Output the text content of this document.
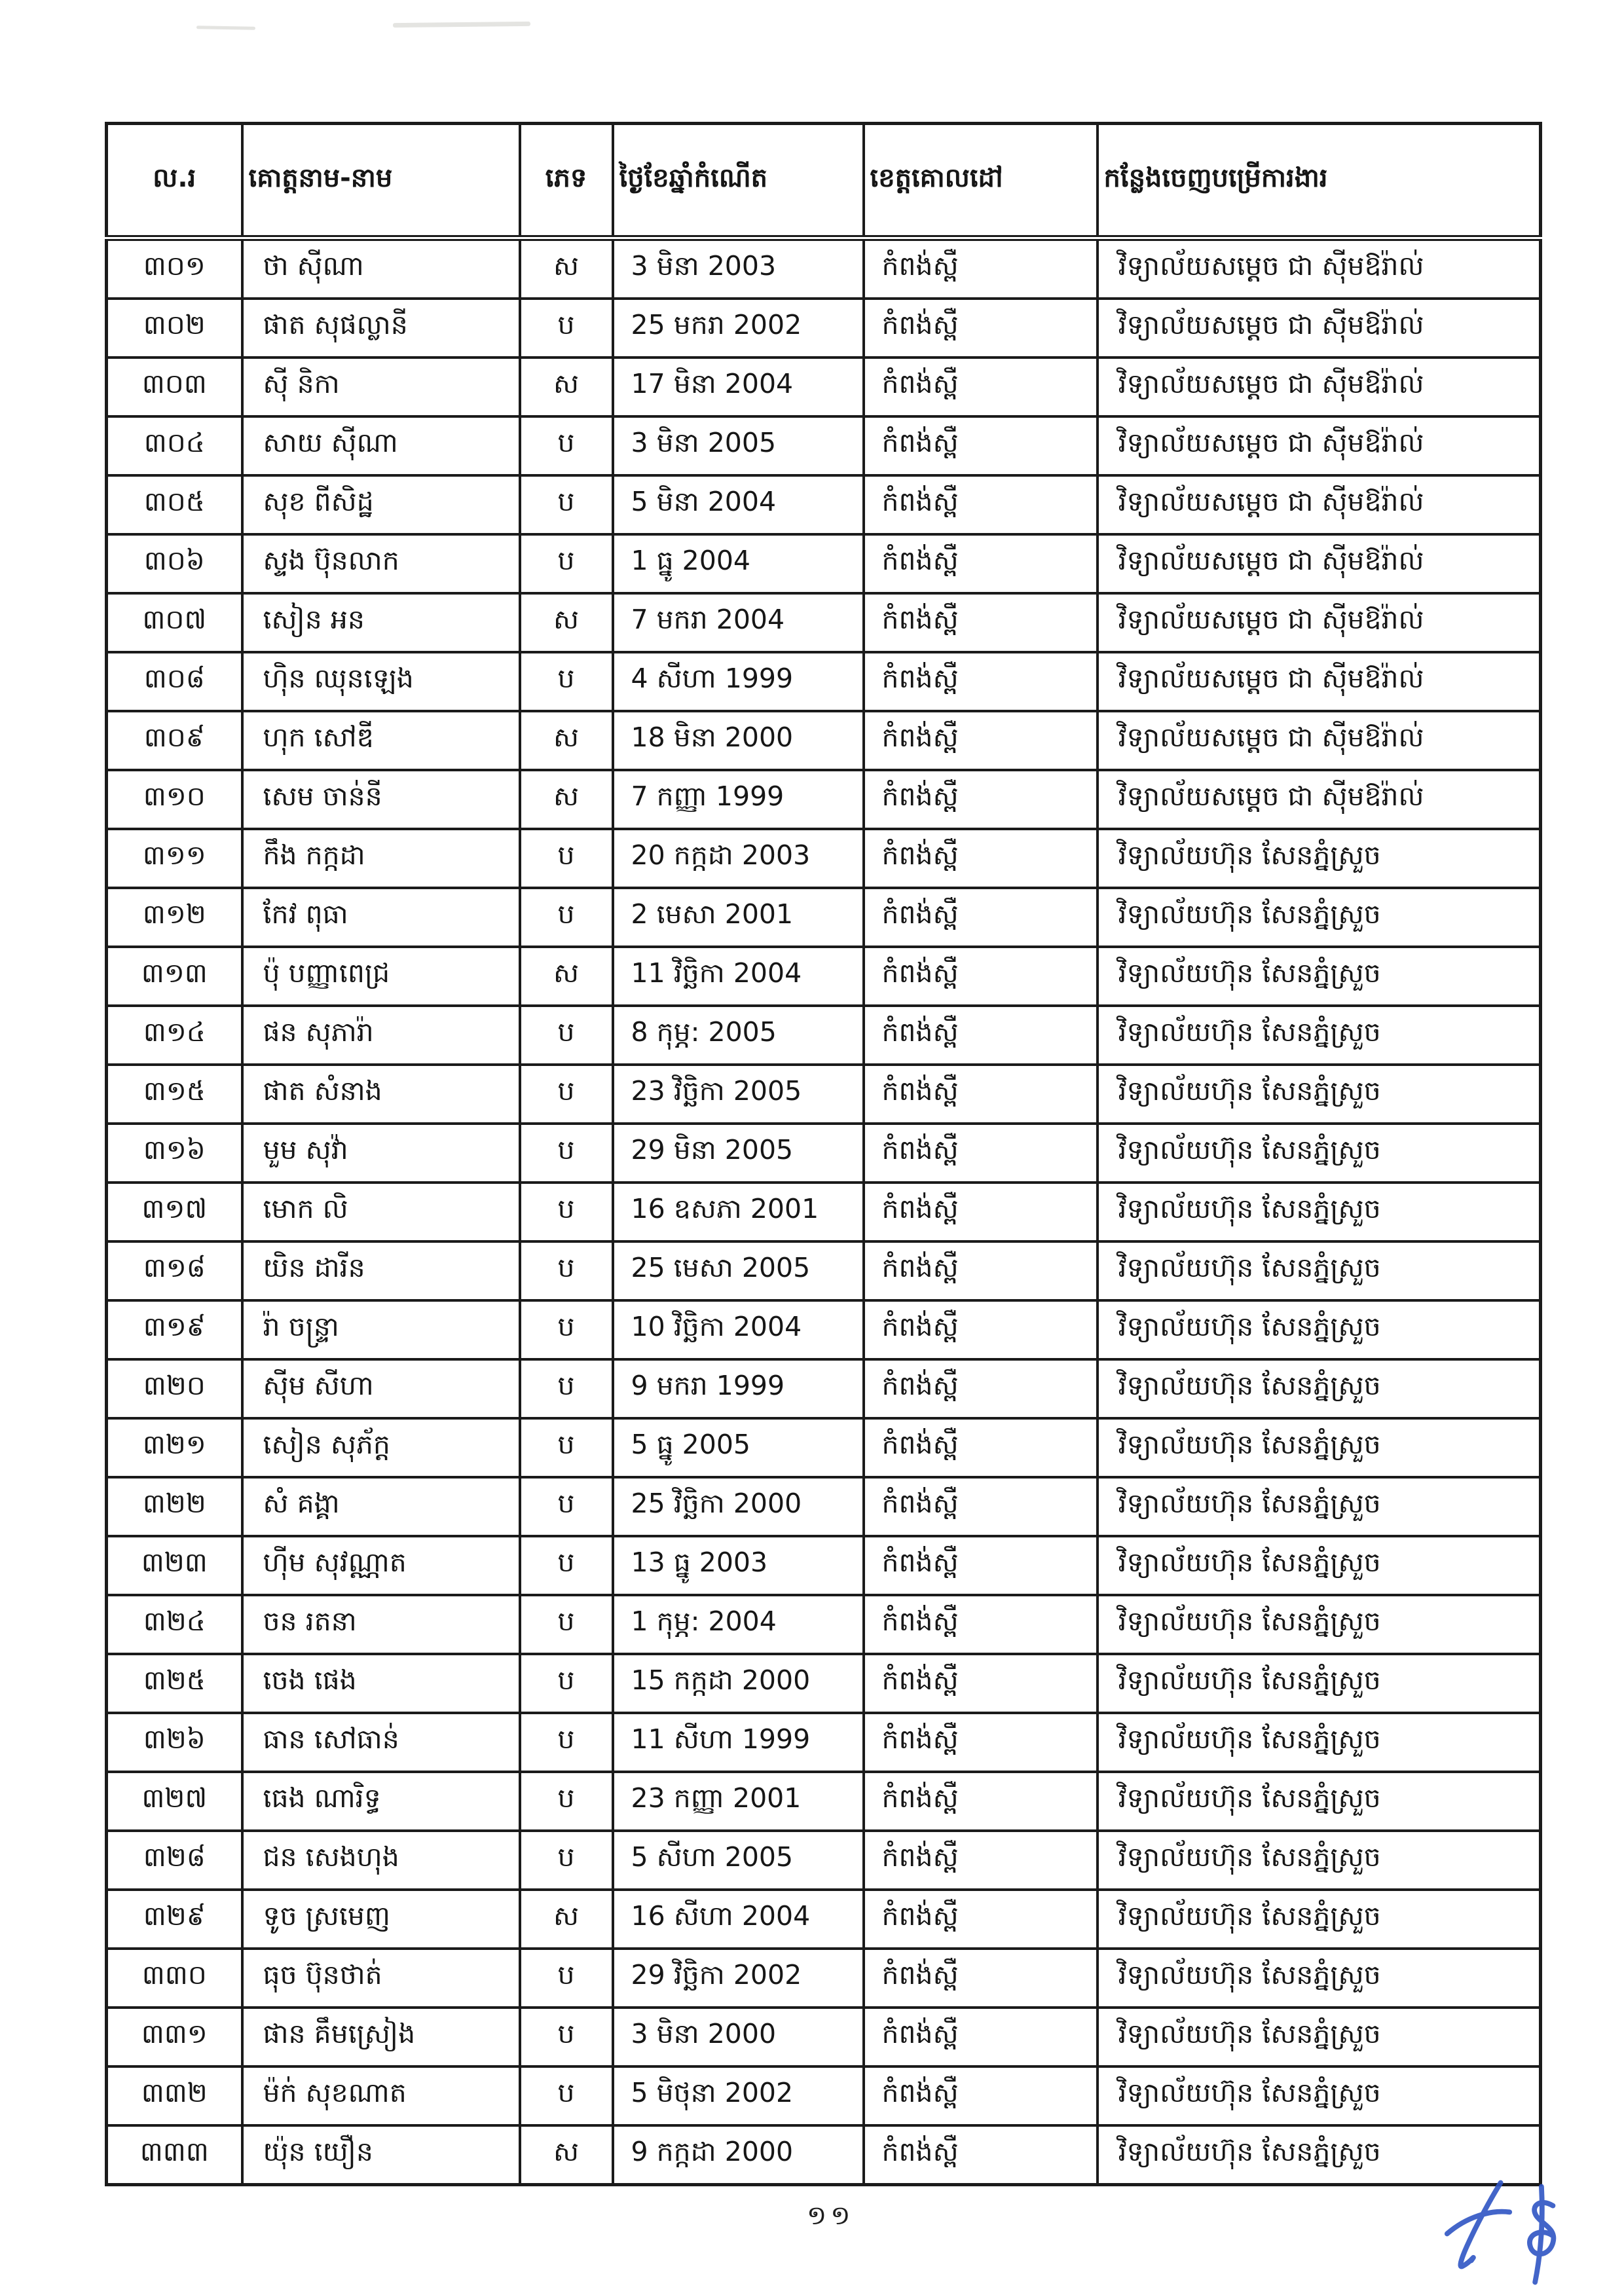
ល.រ	គោត្តនាម-នាម	ភេទ	ថ្ងៃខែឆ្នាំកំណើត	ខេត្តគោលដៅ	កន្លែងចេញបម្រើការងារ
៣០១	ថា ស៊ីណា	ស	3 មិនា 2003	កំពង់ស្ពឺ	វិទ្យាល័យសម្តេច ជា ស៊ីមឱរ៉ាល់
៣០២	ផាត សុផល្លានី	ប	25 មករា 2002	កំពង់ស្ពឺ	វិទ្យាល័យសម្តេច ជា ស៊ីមឱរ៉ាល់
៣០៣	ស៊ី និកា	ស	17 មិនា 2004	កំពង់ស្ពឺ	វិទ្យាល័យសម្តេច ជា ស៊ីមឱរ៉ាល់
៣០៤	សាយ ស៊ីណា	ប	3 មិនា 2005	កំពង់ស្ពឺ	វិទ្យាល័យសម្តេច ជា ស៊ីមឱរ៉ាល់
៣០៥	សុខ ពីសិដ្ឋ	ប	5 មិនា 2004	កំពង់ស្ពឺ	វិទ្យាល័យសម្តេច ជា ស៊ីមឱរ៉ាល់
៣០៦	ស្ទង ប៊ុនលាក	ប	1 ធ្នូ 2004	កំពង់ស្ពឺ	វិទ្យាល័យសម្តេច ជា ស៊ីមឱរ៉ាល់
៣០៧	សៀន អន	ស	7 មករា 2004	កំពង់ស្ពឺ	វិទ្យាល័យសម្តេច ជា ស៊ីមឱរ៉ាល់
៣០៨	ហ៊ិន ឈុនឡេង	ប	4 សីហា 1999	កំពង់ស្ពឺ	វិទ្យាល័យសម្តេច ជា ស៊ីមឱរ៉ាល់
៣០៩	ហុក សៅឌី	ស	18 មិនា 2000	កំពង់ស្ពឺ	វិទ្យាល័យសម្តេច ជា ស៊ីមឱរ៉ាល់
៣១០	សេម ចាន់នី	ស	7 កញ្ញា 1999	កំពង់ស្ពឺ	វិទ្យាល័យសម្តេច ជា ស៊ីមឱរ៉ាល់
៣១១	កឹង កក្កដា	ប	20 កក្កដា 2003	កំពង់ស្ពឺ	វិទ្យាល័យហ៊ុន សែនភ្នំស្រួច
៣១២	កែវ ពុធា	ប	2 មេសា 2001	កំពង់ស្ពឺ	វិទ្យាល័យហ៊ុន សែនភ្នំស្រួច
៣១៣	ប៉ុ បញ្ញាពេជ្រ	ស	11 វិច្ឆិកា 2004	កំពង់ស្ពឺ	វិទ្យាល័យហ៊ុន សែនភ្នំស្រួច
៣១៤	ផន សុភារ៉ា	ប	8 កុម្ភ: 2005	កំពង់ស្ពឺ	វិទ្យាល័យហ៊ុន សែនភ្នំស្រួច
៣១៥	ផាត សំនាង	ប	23 វិច្ឆិកា 2005	កំពង់ស្ពឺ	វិទ្យាល័យហ៊ុន សែនភ្នំស្រួច
៣១៦	មួម សុវ៉ា	ប	29 មិនា 2005	កំពង់ស្ពឺ	វិទ្យាល័យហ៊ុន សែនភ្នំស្រួច
៣១៧	មោក លិ	ប	16 ឧសភា 2001	កំពង់ស្ពឺ	វិទ្យាល័យហ៊ុន សែនភ្នំស្រួច
៣១៨	យិន ដារីន	ប	25 មេសា 2005	កំពង់ស្ពឺ	វិទ្យាល័យហ៊ុន សែនភ្នំស្រួច
៣១៩	រ៉ា ចន្ទ្រា	ប	10 វិច្ឆិកា 2004	កំពង់ស្ពឺ	វិទ្យាល័យហ៊ុន សែនភ្នំស្រួច
៣២០	ស៊ីម សីហា	ប	9 មករា 1999	កំពង់ស្ពឺ	វិទ្យាល័យហ៊ុន សែនភ្នំស្រួច
៣២១	សៀន សុភ័ក្ត	ប	5 ធ្នូ 2005	កំពង់ស្ពឺ	វិទ្យាល័យហ៊ុន សែនភ្នំស្រួច
៣២២	សំ គង្គា	ប	25 វិច្ឆិកា 2000	កំពង់ស្ពឺ	វិទ្យាល័យហ៊ុន សែនភ្នំស្រួច
៣២៣	ហ៊ីម សុវណ្ណាត	ប	13 ធ្នូ 2003	កំពង់ស្ពឺ	វិទ្យាល័យហ៊ុន សែនភ្នំស្រួច
៣២៤	ចន រតនា	ប	1 កុម្ភ: 2004	កំពង់ស្ពឺ	វិទ្យាល័យហ៊ុន សែនភ្នំស្រួច
៣២៥	ចេង ផេង	ប	15 កក្កដា 2000	កំពង់ស្ពឺ	វិទ្យាល័យហ៊ុន សែនភ្នំស្រួច
៣២៦	ធាន សៅធាន់	ប	11 សីហា 1999	កំពង់ស្ពឺ	វិទ្យាល័យហ៊ុន សែនភ្នំស្រួច
៣២៧	ធេង ណារិទ្ធ	ប	23 កញ្ញា 2001	កំពង់ស្ពឺ	វិទ្យាល័យហ៊ុន សែនភ្នំស្រួច
៣២៨	ជន សេងហុង	ប	5 សីហា 2005	កំពង់ស្ពឺ	វិទ្យាល័យហ៊ុន សែនភ្នំស្រួច
៣២៩	ទូច ស្រមេញ	ស	16 សីហា 2004	កំពង់ស្ពឺ	វិទ្យាល័យហ៊ុន សែនភ្នំស្រួច
៣៣០	ធុច ប៊ុនថាត់	ប	29 វិច្ឆិកា 2002	កំពង់ស្ពឺ	វិទ្យាល័យហ៊ុន សែនភ្នំស្រួច
៣៣១	ផាន គឹមស្រៀង	ប	3 មិនា 2000	កំពង់ស្ពឺ	វិទ្យាល័យហ៊ុន សែនភ្នំស្រួច
៣៣២	ម៉ក់ សុខណាត	ប	5 មិថុនា 2002	កំពង់ស្ពឺ	វិទ្យាល័យហ៊ុន សែនភ្នំស្រួច
៣៣៣	យ៉ុន យឿន	ស	9 កក្កដា 2000	កំពង់ស្ពឺ	វិទ្យាល័យហ៊ុន សែនភ្នំស្រួច
១១
